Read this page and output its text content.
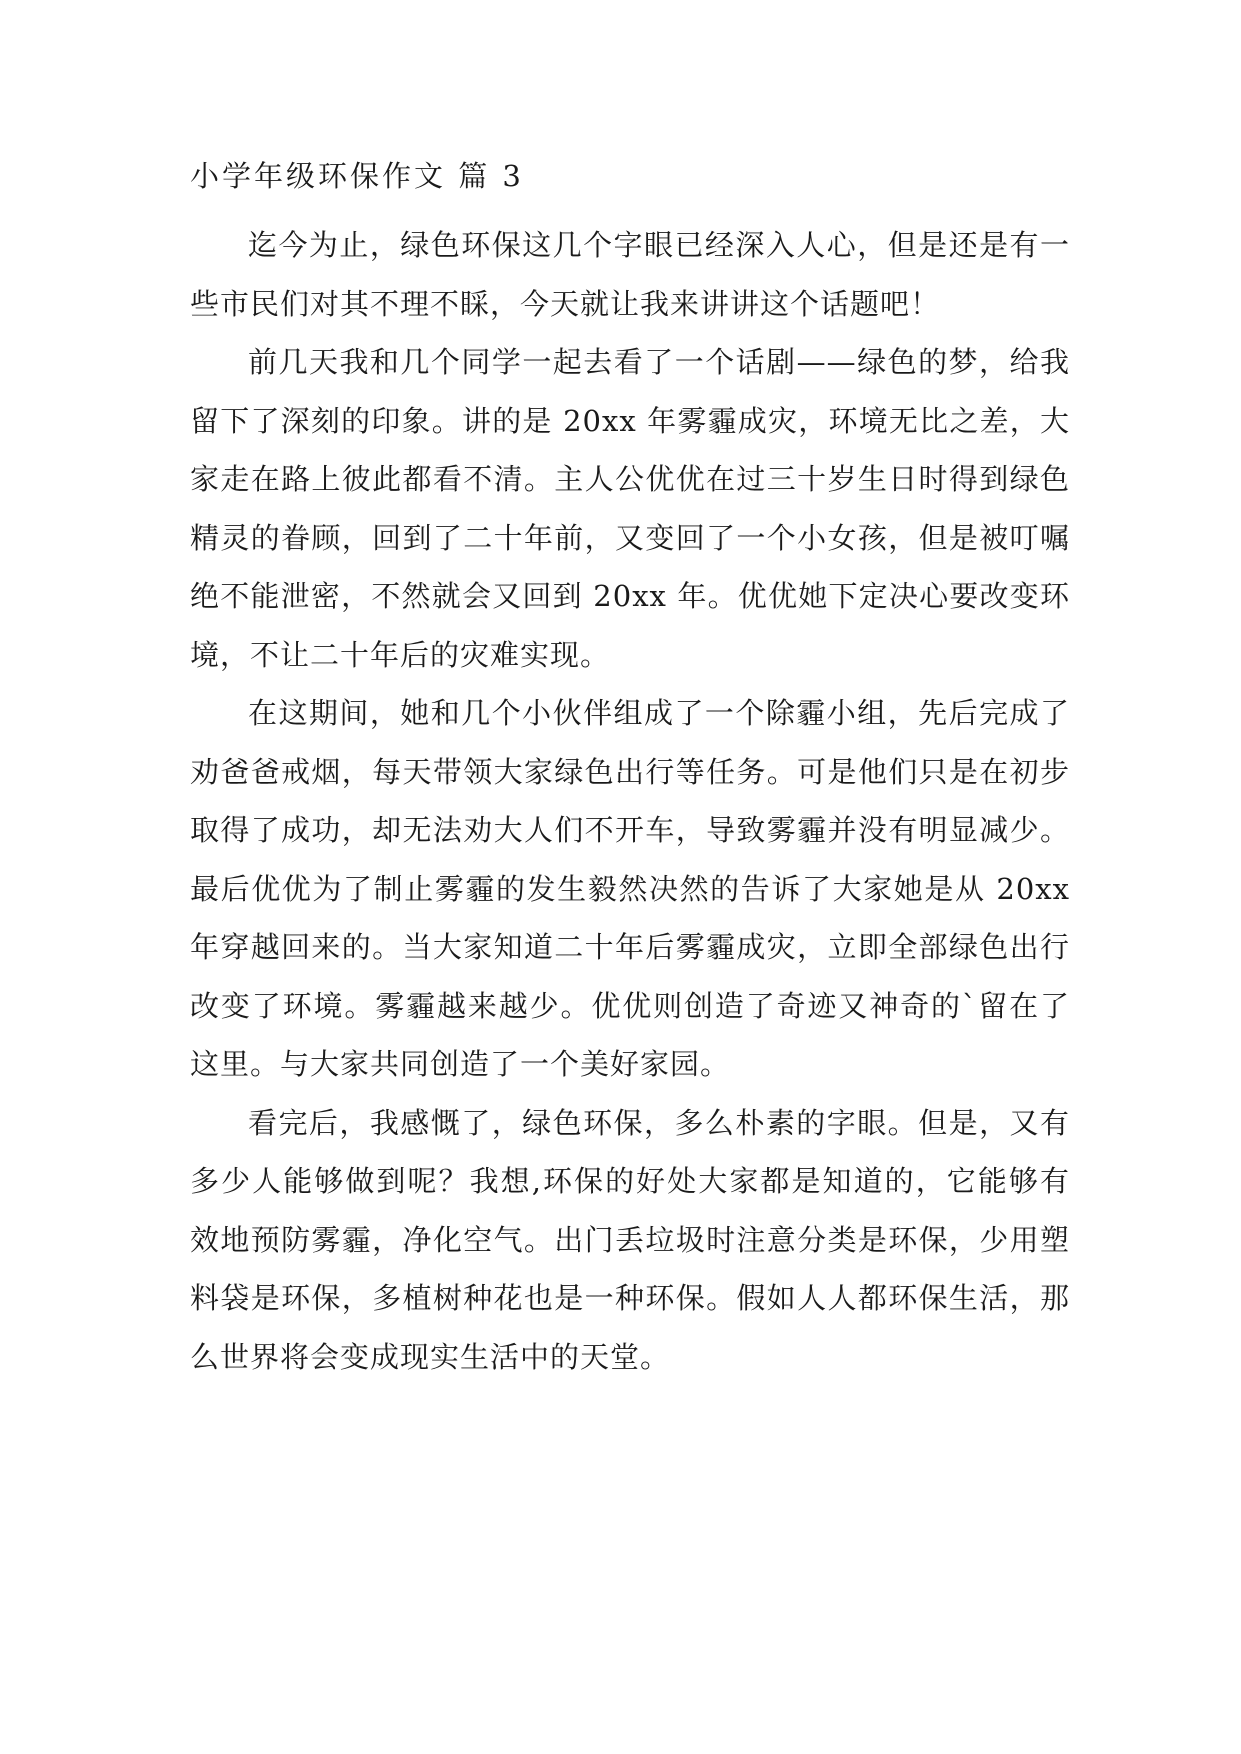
小学年级环保作文 篇 3

迄今为止，绿色环保这几个字眼已经深入人心，但是还是有一些市民们对其不理不睬，今天就让我来讲讲这个话题吧！

前几天我和几个同学一起去看了一个话剧——绿色的梦，给我留下了深刻的印象。讲的是 20xx 年雾霾成灾，环境无比之差，大家走在路上彼此都看不清。主人公优优在过三十岁生日时得到绿色精灵的眷顾，回到了二十年前，又变回了一个小女孩，但是被叮嘱绝不能泄密，不然就会又回到 20xx 年。优优她下定决心要改变环境，不让二十年后的灾难实现。

在这期间，她和几个小伙伴组成了一个除霾小组，先后完成了劝爸爸戒烟，每天带领大家绿色出行等任务。可是他们只是在初步取得了成功，却无法劝大人们不开车，导致雾霾并没有明显减少。最后优优为了制止雾霾的发生毅然决然的告诉了大家她是从 20xx 年穿越回来的。当大家知道二十年后雾霾成灾，立即全部绿色出行改变了环境。雾霾越来越少。优优则创造了奇迹又神奇的`留在了这里。与大家共同创造了一个美好家园。

看完后，我感慨了，绿色环保，多么朴素的字眼。但是，又有多少人能够做到呢？我想,环保的好处大家都是知道的，它能够有效地预防雾霾，净化空气。出门丢垃圾时注意分类是环保，少用塑料袋是环保，多植树种花也是一种环保。假如人人都环保生活，那么世界将会变成现实生活中的天堂。
